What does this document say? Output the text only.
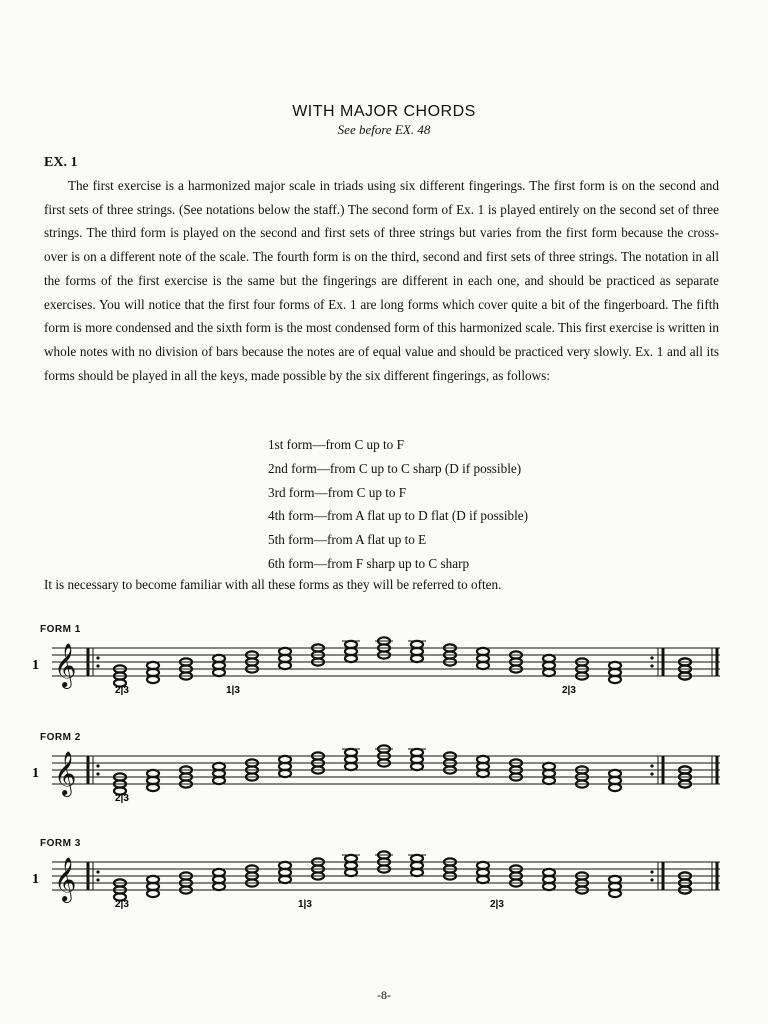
WITH MAJOR CHORDS
See before EX. 48
EX. 1
The first exercise is a harmonized major scale in triads using six different fingerings. The first form is on the second and first sets of three strings. (See notations below the staff.) The second form of Ex. 1 is played entirely on the second set of three strings. The third form is played on the second and first sets of three strings but varies from the first form because the cross-over is on a different note of the scale. The fourth form is on the third, second and first sets of three strings. The notation in all the forms of the first exercise is the same but the fingerings are different in each one, and should be practiced as separate exercises. You will notice that the first four forms of Ex. 1 are long forms which cover quite a bit of the fingerboard. The fifth form is more condensed and the sixth form is the most condensed form of this harmonized scale. This first exercise is written in whole notes with no division of bars because the notes are of equal value and should be practiced very slowly. Ex. 1 and all its forms should be played in all the keys, made possible by the six different fingerings, as follows:
1st form—from C up to F
2nd form—from C up to C sharp (D if possible)
3rd form—from C up to F
4th form—from A flat up to D flat (D if possible)
5th form—from A flat up to E
6th form—from F sharp up to C sharp
It is necessary to become familiar with all these forms as they will be referred to often.
FORM 1
1 𝄞
2|3	1|3	2|3
FORM 2
1 𝄞
2|3
FORM 3
1 𝄞
2|3	1|3	2|3
-8-
